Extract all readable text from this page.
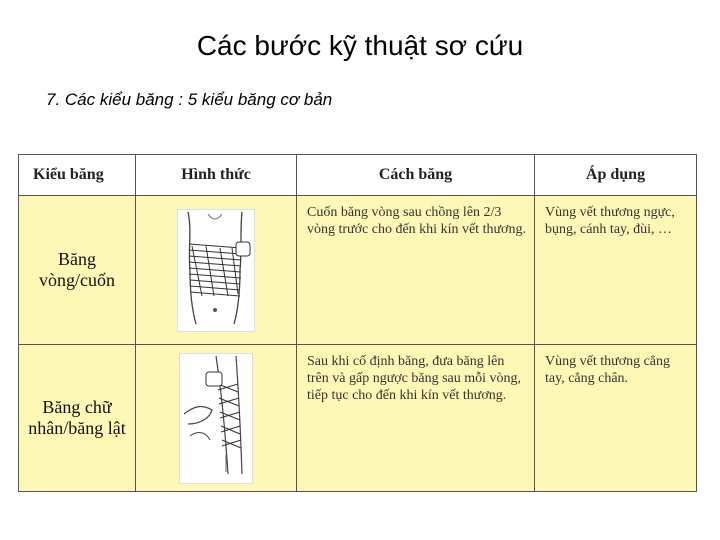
Các bước kỹ thuật sơ cứu
7. Các kiểu băng : 5 kiểu băng cơ bản
Kiểu băng	Hình thức	Cách băng	Áp dụng
Băng vòng/cuốn		Cuốn băng vòng sau chồng lên 2/3 vòng trước cho đến khi kín vết thương.	Vùng vết thương ngực, bụng, cánh tay, đùi, …
Băng chữ nhân/băng lật		Sau khi cố định băng, đưa băng lên trên và gấp ngược băng sau mỗi vòng, tiếp tục cho đến khi kín vết thương.	Vùng vết thương cẳng tay, cẳng chân.
